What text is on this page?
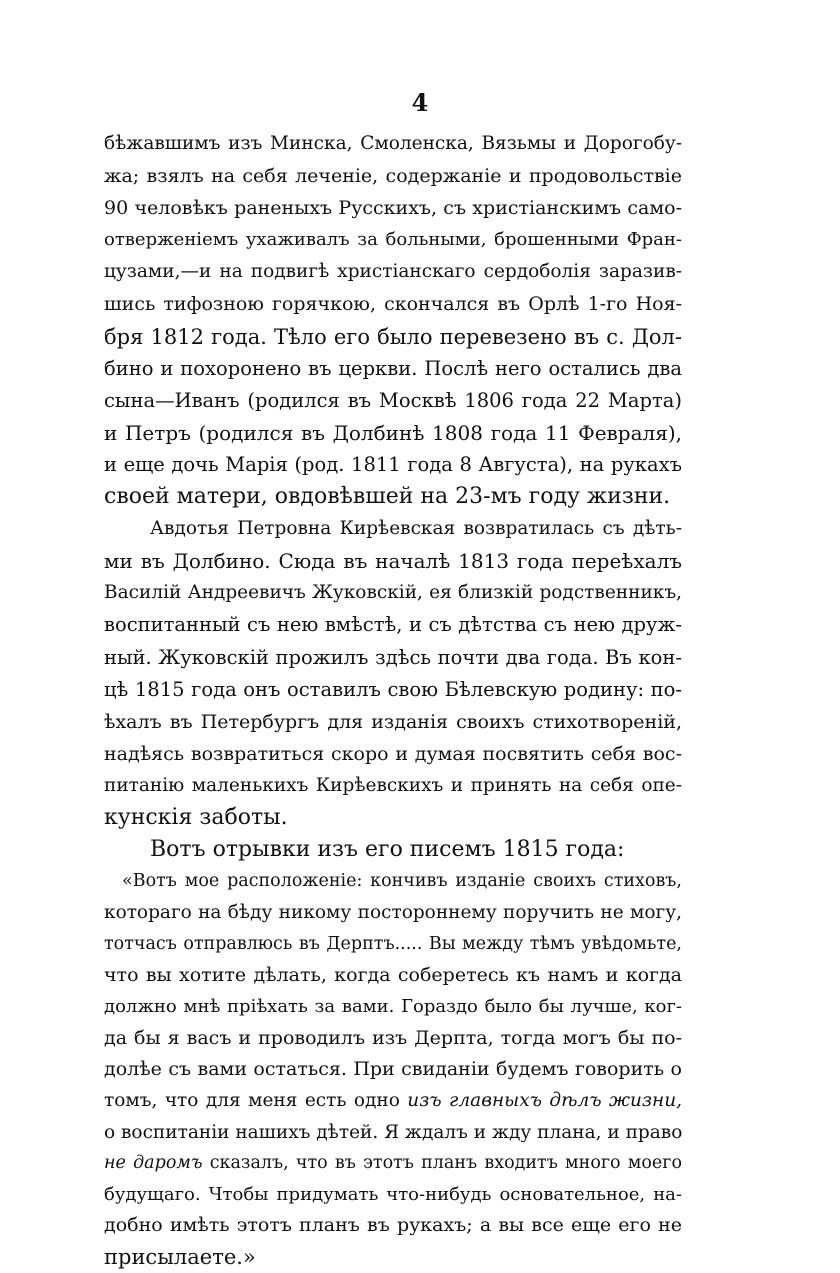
4
бѣжавшимъ изъ Минска, Смоленска, Вязьмы и Дорогобу-
жа; взялъ на себя леченіе, содержаніе и продовольствіе
90 человѣкъ раненыхъ Русскихъ, съ христіанскимъ само-
отверженіемъ ухаживалъ за больными, брошенными Фран-
цузами,—и на подвигѣ христіанскаго сердоболія заразив-
шись тифозною горячкою, скончался въ Орлѣ 1-го Ноя-
бря 1812 года. Тѣло его было перевезено въ с. Дол-
бино и похоронено въ церкви. Послѣ него остались два
сына—Иванъ (родился въ Москвѣ 1806 года 22 Марта)
и Петръ (родился въ Долбинѣ 1808 года 11 Февраля),
и еще дочь Марія (род. 1811 года 8 Августа), на рукахъ
своей матери, овдовѣвшей на 23-мъ году жизни.
Авдотья Петровна Кирѣевская возвратилась съ дѣть-
ми въ Долбино. Сюда въ началѣ 1813 года переѣхалъ
Василій Андреевичъ Жуковскій, ея близкій родственникъ,
воспитанный съ нею вмѣстѣ, и съ дѣтства съ нею друж-
ный. Жуковскій прожилъ здѣсь почти два года. Въ кон-
цѣ 1815 года онъ оставилъ свою Бѣлевскую родину: по-
ѣхалъ въ Петербургъ для изданія своихъ стихотвореній,
надѣясь возвратиться скоро и думая посвятить себя вос-
питанію маленькихъ Кирѣевскихъ и принять на себя опе-
кунскія заботы.
Вотъ отрывки изъ его писемъ 1815 года:
«Вотъ мое расположеніе: кончивъ изданіе своихъ стиховъ,
котораго на бѣду никому постороннему поручить не могу,
тотчасъ отправлюсь въ Дерптъ..... Вы между тѣмъ увѣдомьте,
что вы хотите дѣлать, когда соберетесь къ намъ и когда
должно мнѣ пріѣхать за вами. Гораздо было бы лучше, ког-
да бы я васъ и проводилъ изъ Дерпта, тогда могъ бы по-
долѣе съ вами остаться. При свиданіи будемъ говорить о
томъ, что для меня есть одно изъ главныхъ дѣлъ жизни,
о воспитаніи нашихъ дѣтей. Я ждалъ и жду плана, и право
не даромъ сказалъ, что въ этотъ планъ входитъ много моего
будущаго. Чтобы придумать что-нибудь основательное, на-
добно имѣть этотъ планъ въ рукахъ; а вы все еще его не
присылаете.»
